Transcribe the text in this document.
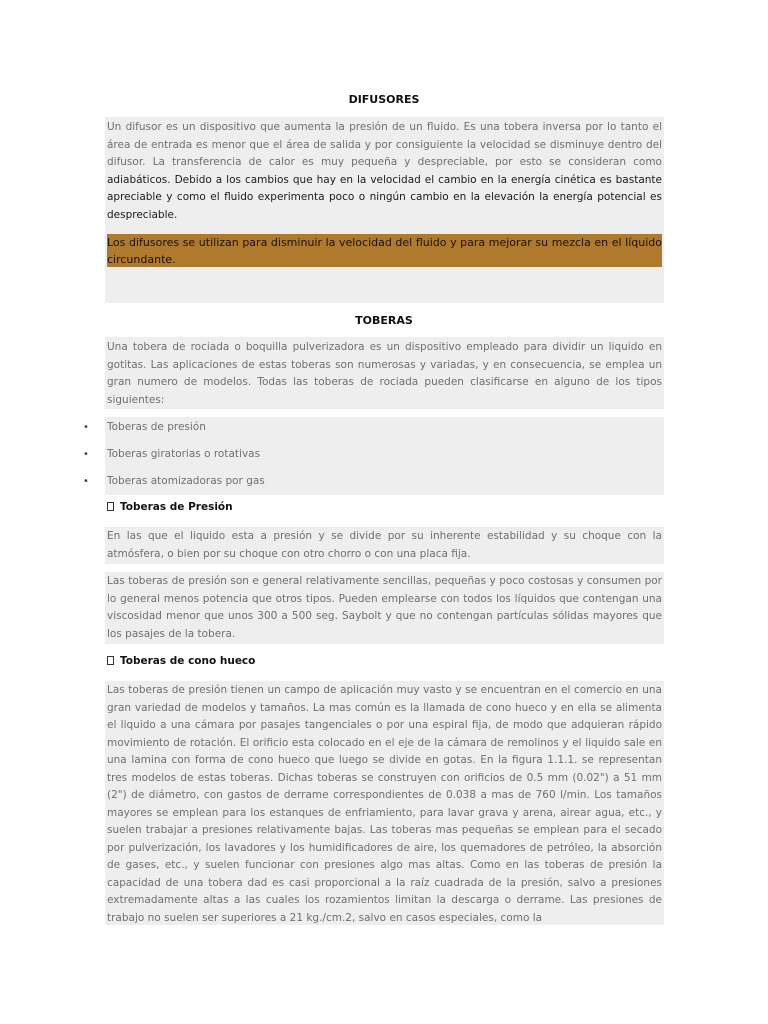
DIFUSORES
Un difusor es un dispositivo que aumenta la presión de un fluido. Es una tobera inversa por lo tanto el área de entrada es menor que el área de salida y por consiguiente la velocidad se disminuye dentro del difusor. La transferencia de calor es muy pequeña y despreciable, por esto se consideran como adiabáticos. Debido a los cambios que hay en la velocidad el cambio en la energía cinética es bastante apreciable y como el fluido experimenta poco o ningún cambio en la elevación la energía potencial es despreciable.
Los difusores se utilizan para disminuir la velocidad del fluido y para mejorar su mezcla en el líquido circundante.
TOBERAS
Una tobera de rociada o boquilla pulverizadora es un dispositivo empleado para dividir un liquido en gotitas. Las aplicaciones de estas toberas son numerosas y variadas, y en consecuencia, se emplea un gran numero de modelos. Todas las toberas de rociada pueden clasificarse en alguno de los tipos siguientes:
• Toberas de presión
• Toberas giratorias o rotativas
• Toberas atomizadoras por gas
Toberas de Presión
En las que el liquido esta a presión y se divide por su inherente estabilidad y su choque con la atmósfera, o bien por su choque con otro chorro o con una placa fija.
Las toberas de presión son e general relativamente sencillas, pequeñas y poco costosas y consumen por lo general menos potencia que otros tipos. Pueden emplearse con todos los líquidos que contengan una viscosidad menor que unos 300 a 500 seg. Saybolt y que no contengan partículas sólidas mayores que los pasajes de la tobera.
Toberas de cono hueco
Las toberas de presión tienen un campo de aplicación muy vasto y se encuentran en el comercio en una gran variedad de modelos y tamaños. La mas común es la llamada de cono hueco y en ella se alimenta el liquido a una cámara por pasajes tangenciales o por una espiral fija, de modo que adquieran rápido movimiento de rotación. El orificio esta colocado en el eje de la cámara de remolinos y el liquido sale en una lamina con forma de cono hueco que luego se divide en gotas. En la figura 1.1.1. se representan tres modelos de estas toberas. Dichas toberas se construyen con orificios de 0.5 mm (0.02") a 51 mm (2") de diámetro, con gastos de derrame correspondientes de 0.038 a mas de 760 l/min. Los tamaños mayores se emplean para los estanques de enfriamiento, para lavar grava y arena, airear agua, etc., y suelen trabajar a presiones relativamente bajas. Las toberas mas pequeñas se emplean para el secado por pulverización, los lavadores y los humidificadores de aire, los quemadores de petróleo, la absorción de gases, etc., y suelen funcionar con presiones algo mas altas. Como en las toberas de presión la capacidad de una tobera dad es casi proporcional a la raíz cuadrada de la presión, salvo a presiones extremadamente altas a las cuales los rozamientos limitan la descarga o derrame. Las presiones de trabajo no suelen ser superiores a 21 kg./cm.2, salvo en casos especiales, como la
